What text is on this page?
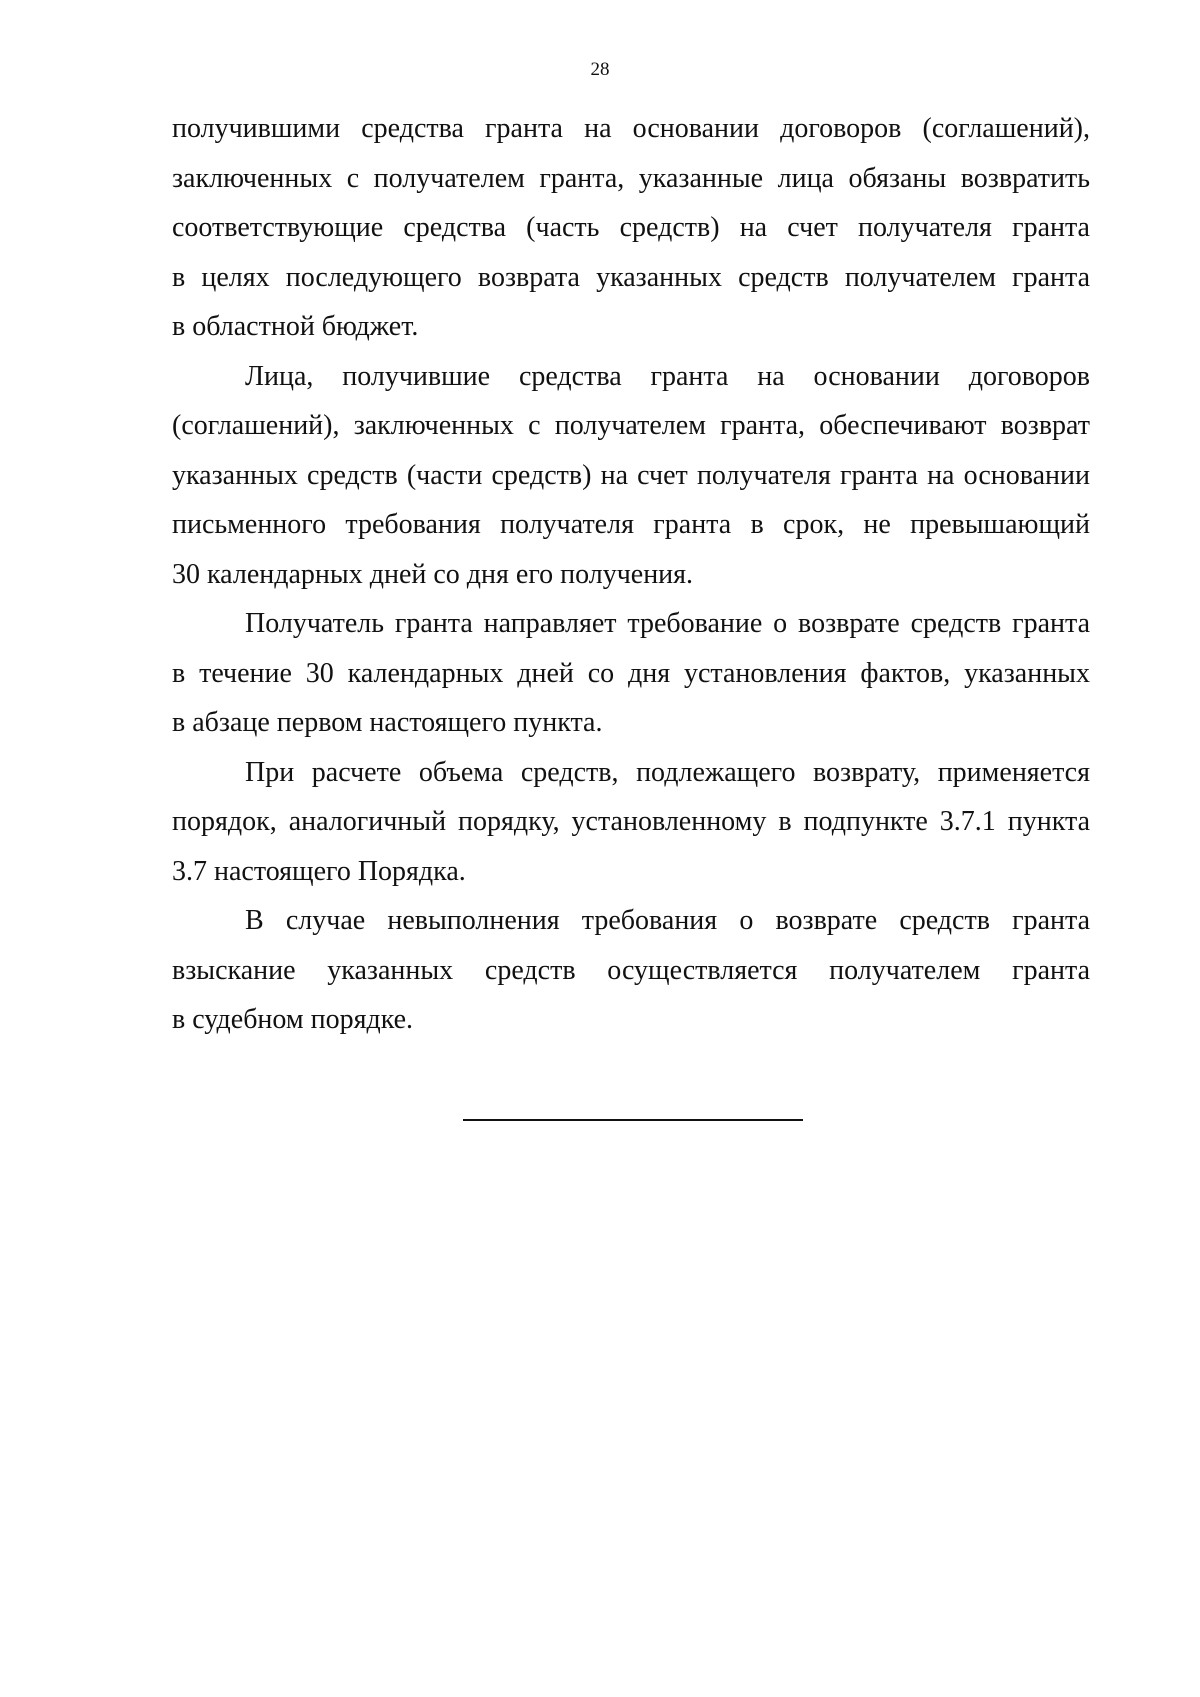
28
получившими средства гранта на основании договоров (соглашений),
заключенных с получателем гранта, указанные лица обязаны возвратить
соответствующие средства (часть средств) на счет получателя гранта
в целях последующего возврата указанных средств получателем гранта
в областной бюджет.
Лица, получившие средства гранта на основании договоров
(соглашений), заключенных с получателем гранта, обеспечивают возврат
указанных средств (части средств) на счет получателя гранта на основании
письменного требования получателя гранта в срок, не превышающий
30 календарных дней со дня его получения.
Получатель гранта направляет требование о возврате средств гранта
в течение 30 календарных дней со дня установления фактов, указанных
в абзаце первом настоящего пункта.
При расчете объема средств, подлежащего возврату, применяется
порядок, аналогичный порядку, установленному в подпункте 3.7.1 пункта
3.7 настоящего Порядка.
В случае невыполнения требования о возврате средств гранта
взыскание указанных средств осуществляется получателем гранта
в судебном порядке.
